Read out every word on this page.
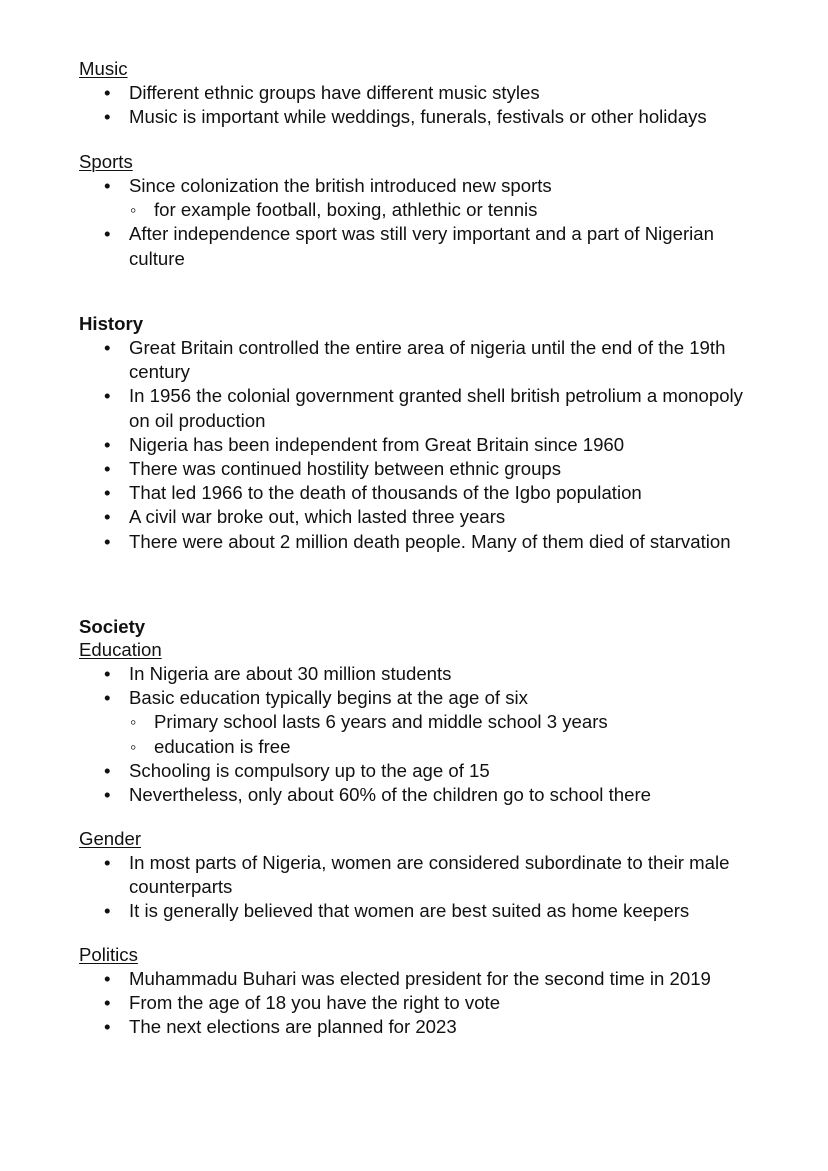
Music
• Different ethnic groups have different music styles
• Music is important while weddings, funerals, festivals or other holidays
Sports
• Since colonization the british introduced new sports
◦ for example football, boxing, athlethic or tennis
• After independence sport was still very important and a part of Nigerian culture
History
• Great Britain controlled the entire area of nigeria until the end of the 19th century
• In 1956 the colonial government granted shell british petrolium a monopoly on oil production
• Nigeria has been independent from Great Britain since 1960
• There was continued hostility between ethnic groups
• That led 1966 to the death of thousands of the Igbo population
• A civil war broke out, which lasted three years
• There were about 2 million death people. Many of them died of starvation
Society
Education
• In Nigeria are about 30 million students
• Basic education typically begins at the age of six
◦ Primary school lasts 6 years and middle school 3 years
◦ education is free
• Schooling is compulsory up to the age of 15
• Nevertheless, only about 60% of the children go to school there
Gender
• In most parts of Nigeria, women are considered subordinate to their male counterparts
• It is generally believed that women are best suited as home keepers
Politics
• Muhammadu Buhari was elected president for the second time in 2019
• From the age of 18 you have the right to vote
• The next elections are planned for 2023
